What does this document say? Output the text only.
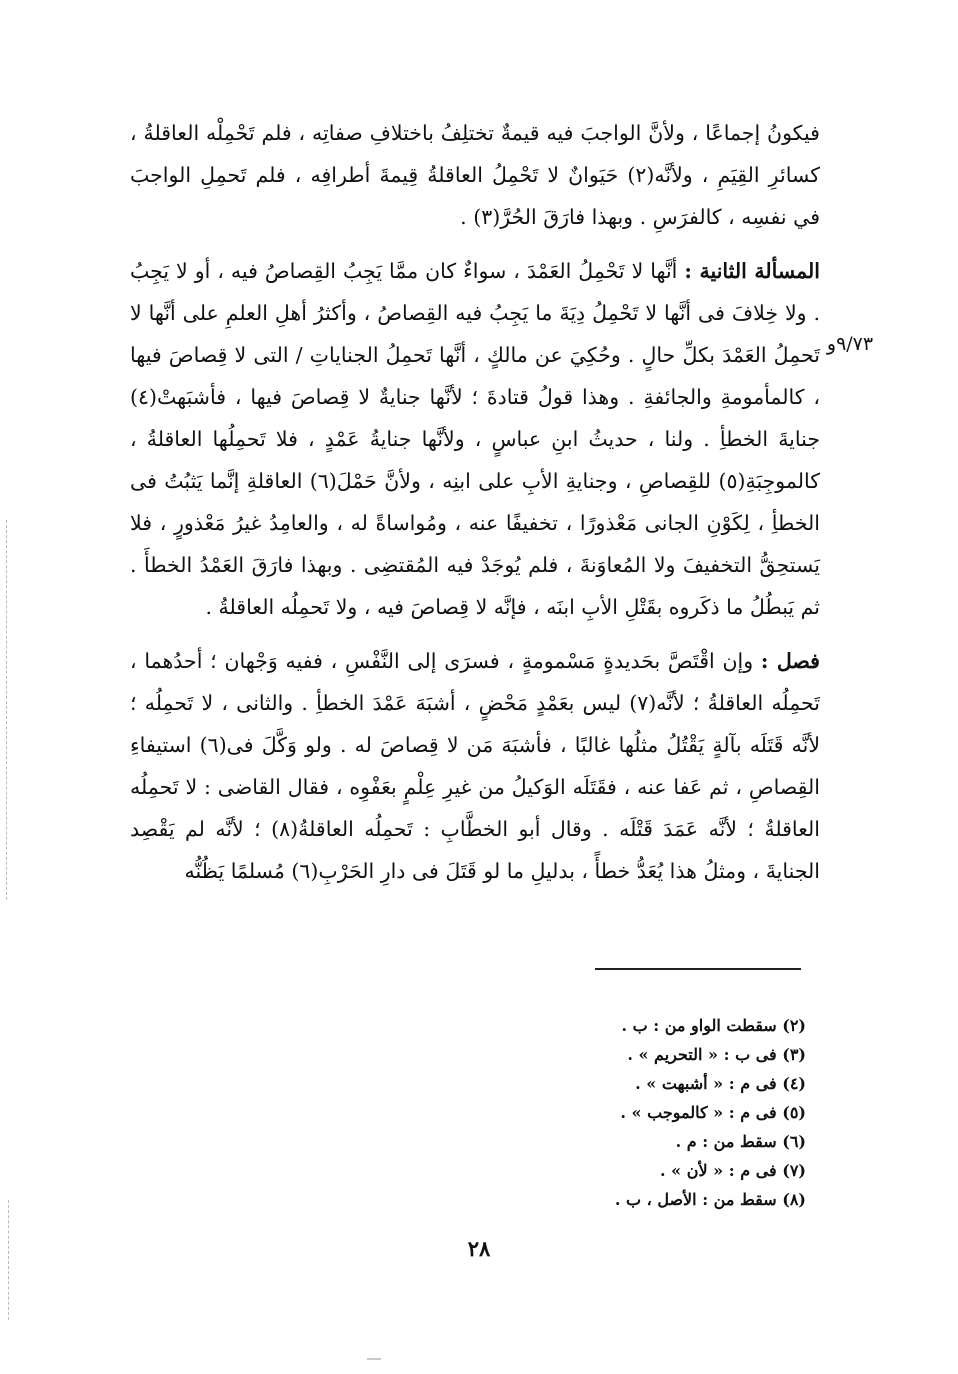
فيكونُ إجماعًا ، ولأنَّ الواجبَ فيه قيمةٌ تختلِفُ باختلافِ صفاتِه ، فلم تَحْمِلْه العاقلةُ ، كسائرِ القِيَمِ ، ولأنَّه(٢) حَيَوانٌ لا تَحْمِلُ العاقلةُ قِيمةَ أطرافِه ، فلم تَحمِلِ الواجبَ في نفسِه ، كالفرَسِ . وبهذا فارَقَ الحُرَّ(٣) .

المسألة الثانية : أنَّها لا تَحْمِلُ العَمْدَ ، سواءٌ كان ممَّا يَجِبُ القِصاصُ فيه ، أو لا يَجِبُ . ولا خِلافَ فى أنَّها لا تَحْمِلُ دِيَةَ ما يَجِبُ فيه القِصاصُ ، وأكثرُ أهلِ العلمِ على أنَّها لا تَحمِلُ العَمْدَ بكلِّ حالٍ . وحُكِيَ عن مالكٍ ، أنَّها تَحمِلُ الجناياتِ / التى لا قِصاصَ فيها ، كالمأمومةِ والجائفةِ . وهذا قولُ قتادةَ ؛ لأنَّها جنايةٌ لا قِصاصَ فيها ، فأشبَهتْ(٤) جنايةَ الخطأِ . ولنا ، حديثُ ابنِ عباسٍ ، ولأنَّها جنايةُ عَمْدٍ ، فلا تَحمِلُها العاقلةُ ، كالموجِبَةِ(٥) للقِصاصِ ، وجنايةِ الأبِ على ابنِه ، ولأنَّ حَمْلَ(٦) العاقلةِ إنَّما يَثبُتُ فى الخطأِ ، لِكَوْنِ الجانى مَعْذورًا ، تخفيفًا عنه ، ومُواساةً له ، والعامِدُ غيرُ مَعْذورٍ ، فلا يَستحِقُّ التخفيفَ ولا المُعاوَنةَ ، فلم يُوجَدْ فيه المُقتضِى . وبهذا فارَقَ العَمْدُ الخطأَ . ثم يَبطُلُ ما ذكَروه بقَتْلِ الأبِ ابنَه ، فإنَّه لا قِصاصَ فيه ، ولا تَحمِلُه العاقلةُ .

فصل : وإن اقْتَصَّ بحَديدةٍ مَسْمومةٍ ، فسرَى إلى النَّفْسِ ، ففيه وَجْهان ؛ أحدُهما ، تَحمِلُه العاقلةُ ؛ لأنَّه(٧) ليس بعَمْدٍ مَحْضٍ ، أشبَهَ عَمْدَ الخطأِ . والثانى ، لا تَحمِلُه ؛ لأنَّه قَتَلَه بآلةٍ يَقْتُلُ مثلُها غالبًا ، فأشبَهَ مَن لا قِصاصَ له . ولو وَكَّلَ فى(٦) استيفاءِ القِصاصِ ، ثم عَفا عنه ، فقَتَلَه الوَكيلُ من غيرِ عِلْمٍ بعَفْوِه ، فقال القاضى : لا تَحمِلُه العاقلةُ ؛ لأنَّه عَمَدَ قَتْلَه . وقال أبو الخطَّابِ : تَحمِلُه العاقلةُ(٨) ؛ لأنَّه لم يَقْصِد الجنايةَ ، ومثلُ هذا يُعَدُّ خطأً ، بدليلِ ما لو قَتَلَ فى دارِ الحَرْبِ(٦) مُسلمًا يَظُنُّه

٩/٧٣و
(٢) سقطت الواو من : ب .
(٣) فى ب : « التحريم » .
(٤) فى م : « أشبهت » .
(٥) فى م : « كالموجب » .
(٦) سقط من : م .
(٧) فى م : « لأن » .
(٨) سقط من : الأصل ، ب .
٢٨
